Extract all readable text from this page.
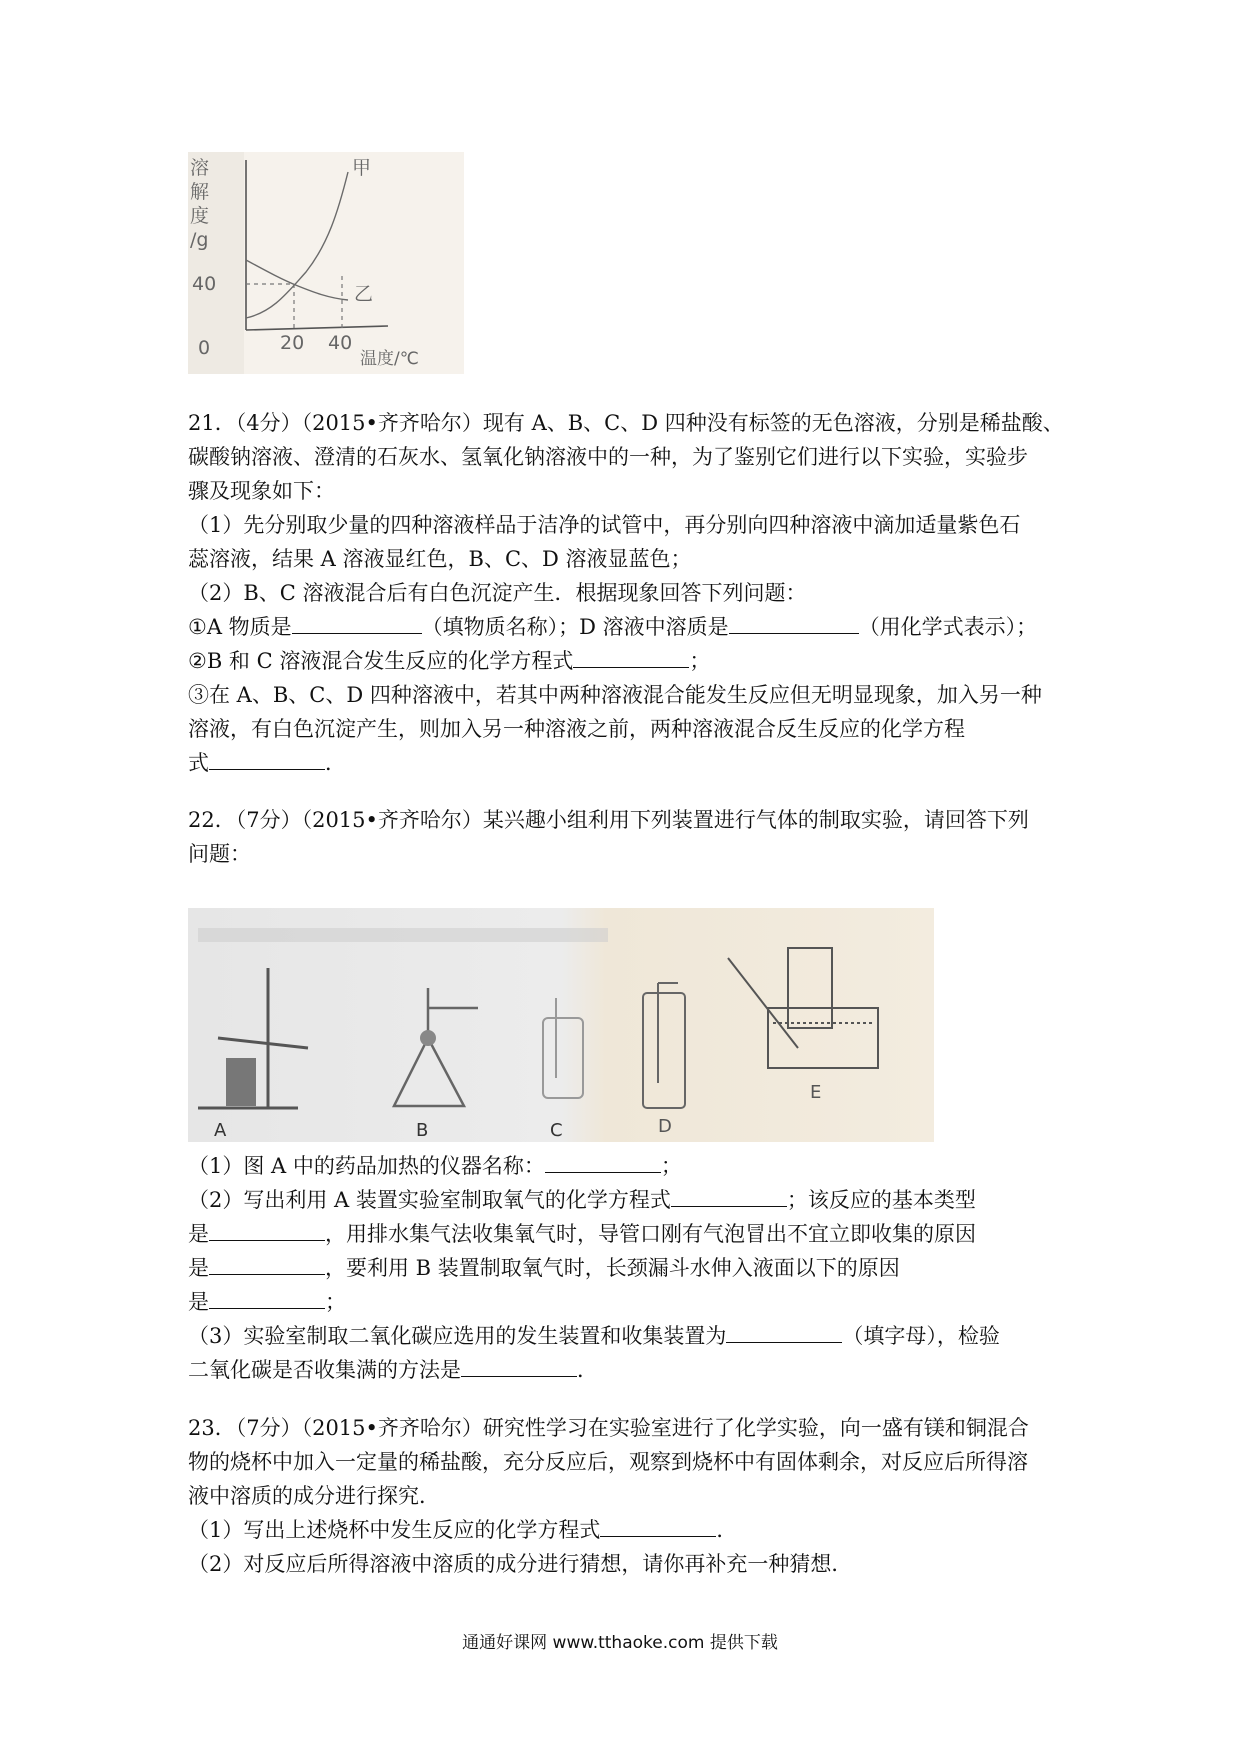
溶
解
度
/g
40
0	20 40
温度/℃
甲
乙
21．（4分）（2015•齐齐哈尔）现有 A、B、C、D 四种没有标签的无色溶液，分别是稀盐酸、
碳酸钠溶液、澄清的石灰水、氢氧化钠溶液中的一种，为了鉴别它们进行以下实验，实验步
骤及现象如下：
（1）先分别取少量的四种溶液样品于洁净的试管中，再分别向四种溶液中滴加适量紫色石
蕊溶液，结果 A 溶液显红色，B、C、D 溶液显蓝色；
（2）B、C 溶液混合后有白色沉淀产生．根据现象回答下列问题：
①A 物质是	（填物质名称）；D 溶液中溶质是	（用化学式表示）；
②B 和 C 溶液混合发生反应的化学方程式	；
③在 A、B、C、D 四种溶液中，若其中两种溶液混合能发生反应但无明显现象，加入另一种
溶液，有白色沉淀产生，则加入另一种溶液之前，两种溶液混合反生反应的化学方程
式	．
22．（7分）（2015•齐齐哈尔）某兴趣小组利用下列装置进行气体的制取实验，请回答下列
问题：
A	B	C	D
E
（1）图 A 中的药品加热的仪器名称：	；
（2）写出利用 A 装置实验室制取氧气的化学方程式	；该反应的基本类型
是	，用排水集气法收集氧气时，导管口刚有气泡冒出不宜立即收集的原因
是	，要利用 B 装置制取氧气时，长颈漏斗水伸入液面以下的原因
是	；
（3）实验室制取二氧化碳应选用的发生装置和收集装置为	（填字母），检验
二氧化碳是否收集满的方法是	．
23．（7分）（2015•齐齐哈尔）研究性学习在实验室进行了化学实验，向一盛有镁和铜混合
物的烧杯中加入一定量的稀盐酸，充分反应后，观察到烧杯中有固体剩余，对反应后所得溶
液中溶质的成分进行探究．
（1）写出上述烧杯中发生反应的化学方程式	．
（2）对反应后所得溶液中溶质的成分进行猜想，请你再补充一种猜想．
通通好课网 www.tthaoke.com 提供下载
